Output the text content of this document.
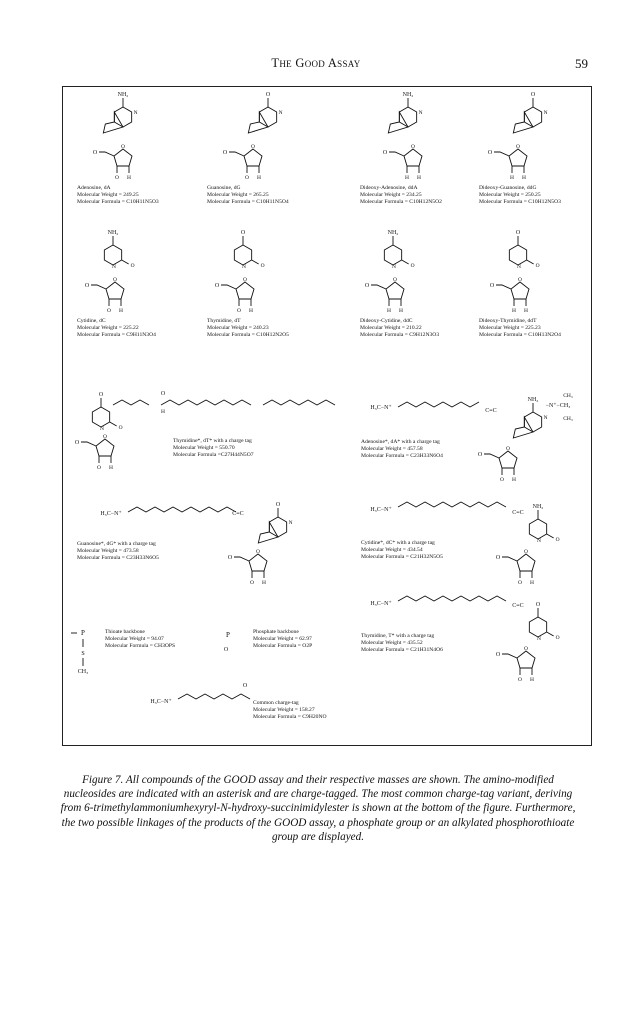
The Good Assay	59
NH₂
N
O
O
O H
O
N
O
O
O H
NH₂
N
O
O
H H
O
N
O
O
H H
NH₂
O
N
O
O
O H
O
O
N
O
O
O H
NH₂
O
N
O
O
H H
O
O
N
O
O
H H
O
O
N
O
O
O H
O
H
−N⁺−CH₃
CH₃
CH₃
NH₂
N
O
O
O H
H₃C−N⁺	C≡C
H₃C−N⁺	C≡C
O
N
O
O
O H
H₃C−N⁺	C≡C
NH₂
O
N
O
O
O H
P
S
CH₃
P
O
H₃C−N⁺	C≡C O
O
N
O
O
O H
H₃C−N⁺
O
Adenosine, dA
Molecular Weight = 249.25
Molecular Formula = C10H11N5O3
Guanosine, dG
Molecular Weight = 265.25
Molecular Formula = C10H11N5O4
Dideoxy-Adenosine, ddA
Molecular Weight = 234.25
Molecular Formula = C10H12N5O2
Dideoxy-Guanosine, ddG
Molecular Weight = 250.25
Molecular Formula = C10H12N5O3
Cytidine, dC
Molecular Weight = 225.22
Molecular Formula = C9H11N3O4
Thymidine, dT
Molecular Weight = 240.23
Molecular Formula = C10H12N2O5
Dideoxy-Cytidine, ddC
Molecular Weight = 210.22
Molecular Formula = C9H12N3O3
Dideoxy-Thymidine, ddT
Molecular Weight = 225.23
Molecular Formula = C10H13N2O4
Thymidine*, dT* with a charge tag
Molecular Weight = 550.70
Molecular Formula =C27H44N5O7
Adenosine*, dA* with a charge tag
Molecular Weight = 457.58
Molecular Formula = C23H33N6O4
Guanosine*, dG* with a charge tag
Molecular Weight = 473.58
Molecular Formula = C23H33N6O5
Cytidine*, dC* with a charge tag
Molecular Weight = 434.54
Molecular Formula = C21H32N5O5
Thioate backbone
Molecular Weight = 94.07
Molecular Formula = CH3OPS
Phosphate backbone
Molecular Weight = 62.97
Molecular Formula = O2P
Thymidine, T* with a charge tag
Molecular Weight = 435.52
Molecular Formula = C21H31N4O6
Common charge-tag
Molecular Weight = 158.27
Molecular Formula = C9H20NO
Figure 7. All compounds of the GOOD assay and their respective masses are shown. The amino-modified nucleosides are indicated with an asterisk and are charge-tagged. The most common charge-tag variant, deriving from 6-trimethylammoniumhexyryl-N-hydroxy-succinimidylester is shown at the bottom of the figure. Furthermore, the two possible linkages of the products of the GOOD assay, a phosphate group or an alkylated phosphorothioate group are displayed.
